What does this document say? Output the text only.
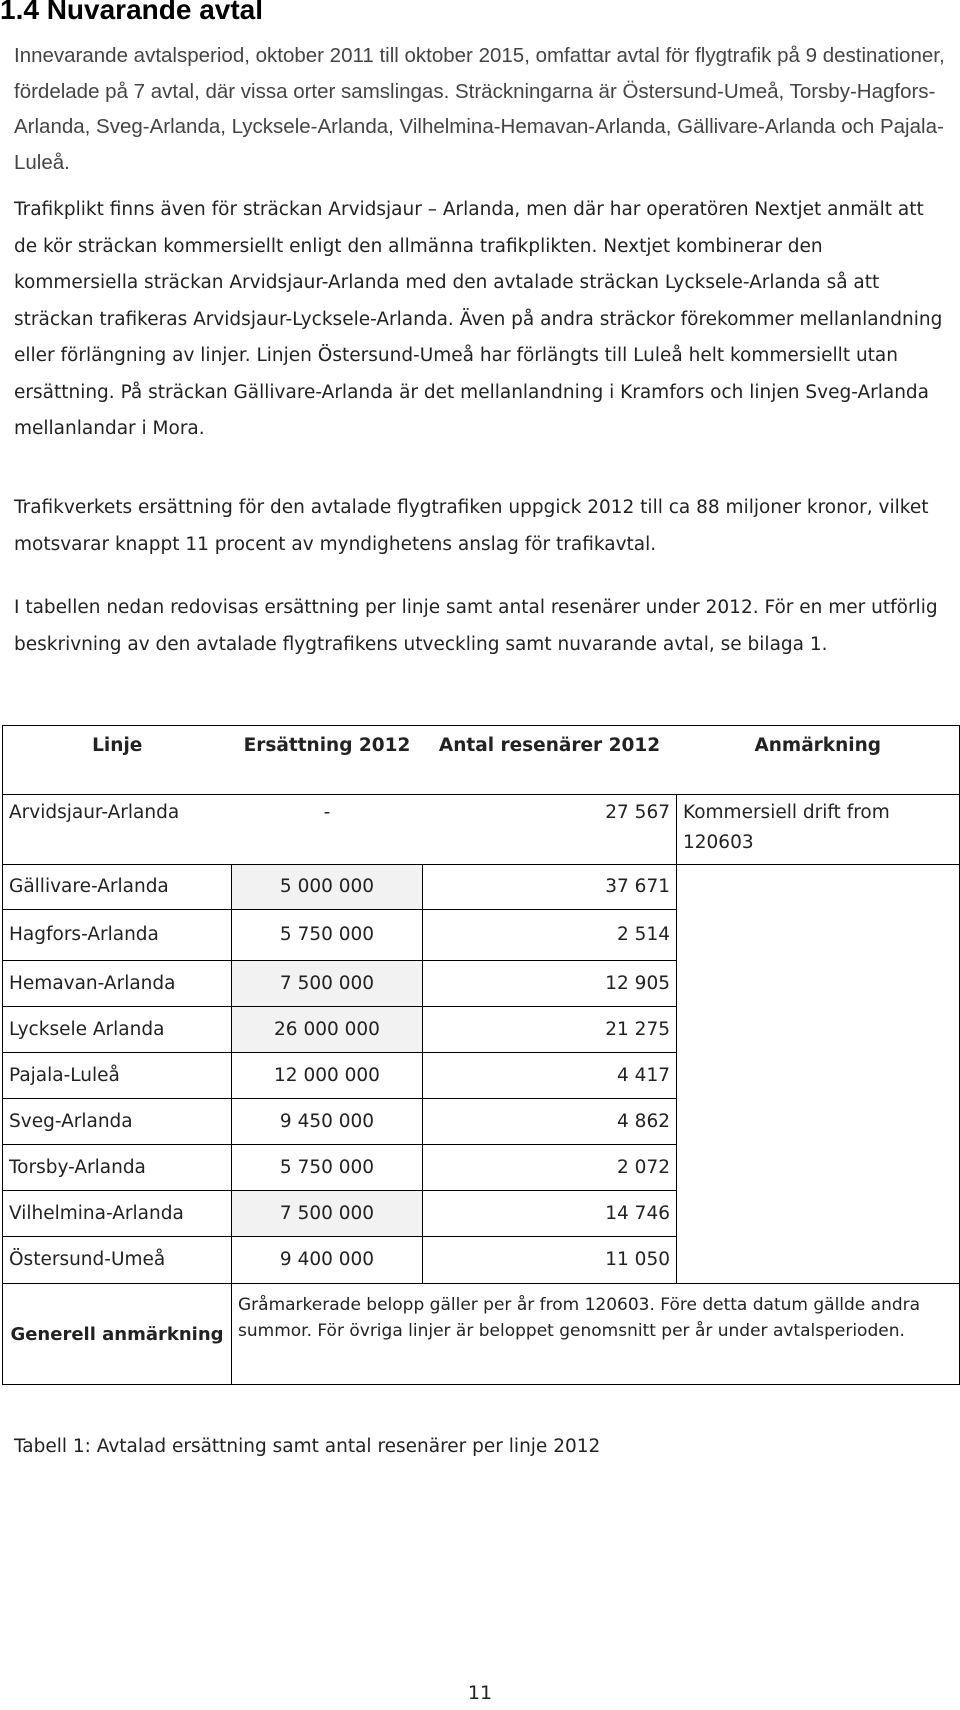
1.4 Nuvarande avtal

Innevarande avtalsperiod, oktober 2011 till oktober 2015, omfattar avtal för flygtrafik på 9 destinationer, fördelade på 7 avtal, där vissa orter samslingas. Sträckningarna är Östersund-Umeå, Torsby-Hagfors-Arlanda, Sveg-Arlanda, Lycksele-Arlanda, Vilhelmina-Hemavan-Arlanda, Gällivare-Arlanda och Pajala-Luleå.

Trafikplikt finns även för sträckan Arvidsjaur – Arlanda, men där har operatören Nextjet anmält att de kör sträckan kommersiellt enligt den allmänna trafikplikten. Nextjet kombinerar den kommersiella sträckan Arvidsjaur-Arlanda med den avtalade sträckan Lycksele-Arlanda så att sträckan trafikeras Arvidsjaur-Lycksele-Arlanda. Även på andra sträckor förekommer mellanlandning eller förlängning av linjer. Linjen Östersund-Umeå har förlängts till Luleå helt kommersiellt utan ersättning. På sträckan Gällivare-Arlanda är det mellanlandning i Kramfors och linjen Sveg-Arlanda mellanlandar i Mora.

Trafikverkets ersättning för den avtalade flygtrafiken uppgick 2012 till ca 88 miljoner kronor, vilket motsvarar knappt 11 procent av myndighetens anslag för trafikavtal.

I tabellen nedan redovisas ersättning per linje samt antal resenärer under 2012. För en mer utförlig beskrivning av den avtalade flygtrafikens utveckling samt nuvarande avtal, se bilaga 1.

Linje	Ersättning 2012	Antal resenärer 2012	Anmärkning
Arvidsjaur-Arlanda	-	27 567	Kommersiell drift from 120603
Gällivare-Arlanda	5 000 000	37 671	
Hagfors-Arlanda	5 750 000	2 514	
Hemavan-Arlanda	7 500 000	12 905	
Lycksele Arlanda	26 000 000	21 275	
Pajala-Luleå	12 000 000	4 417	
Sveg-Arlanda	9 450 000	4 862	
Torsby-Arlanda	5 750 000	2 072	
Vilhelmina-Arlanda	7 500 000	14 746	
Östersund-Umeå	9 400 000	11 050	
Generell anmärkning	Gråmarkerade belopp gäller per år from 120603. Före detta datum gällde andra summor. För övriga linjer är beloppet genomsnitt per år under avtalsperioden.		

Tabell 1: Avtalad ersättning samt antal resenärer per linje 2012

11
